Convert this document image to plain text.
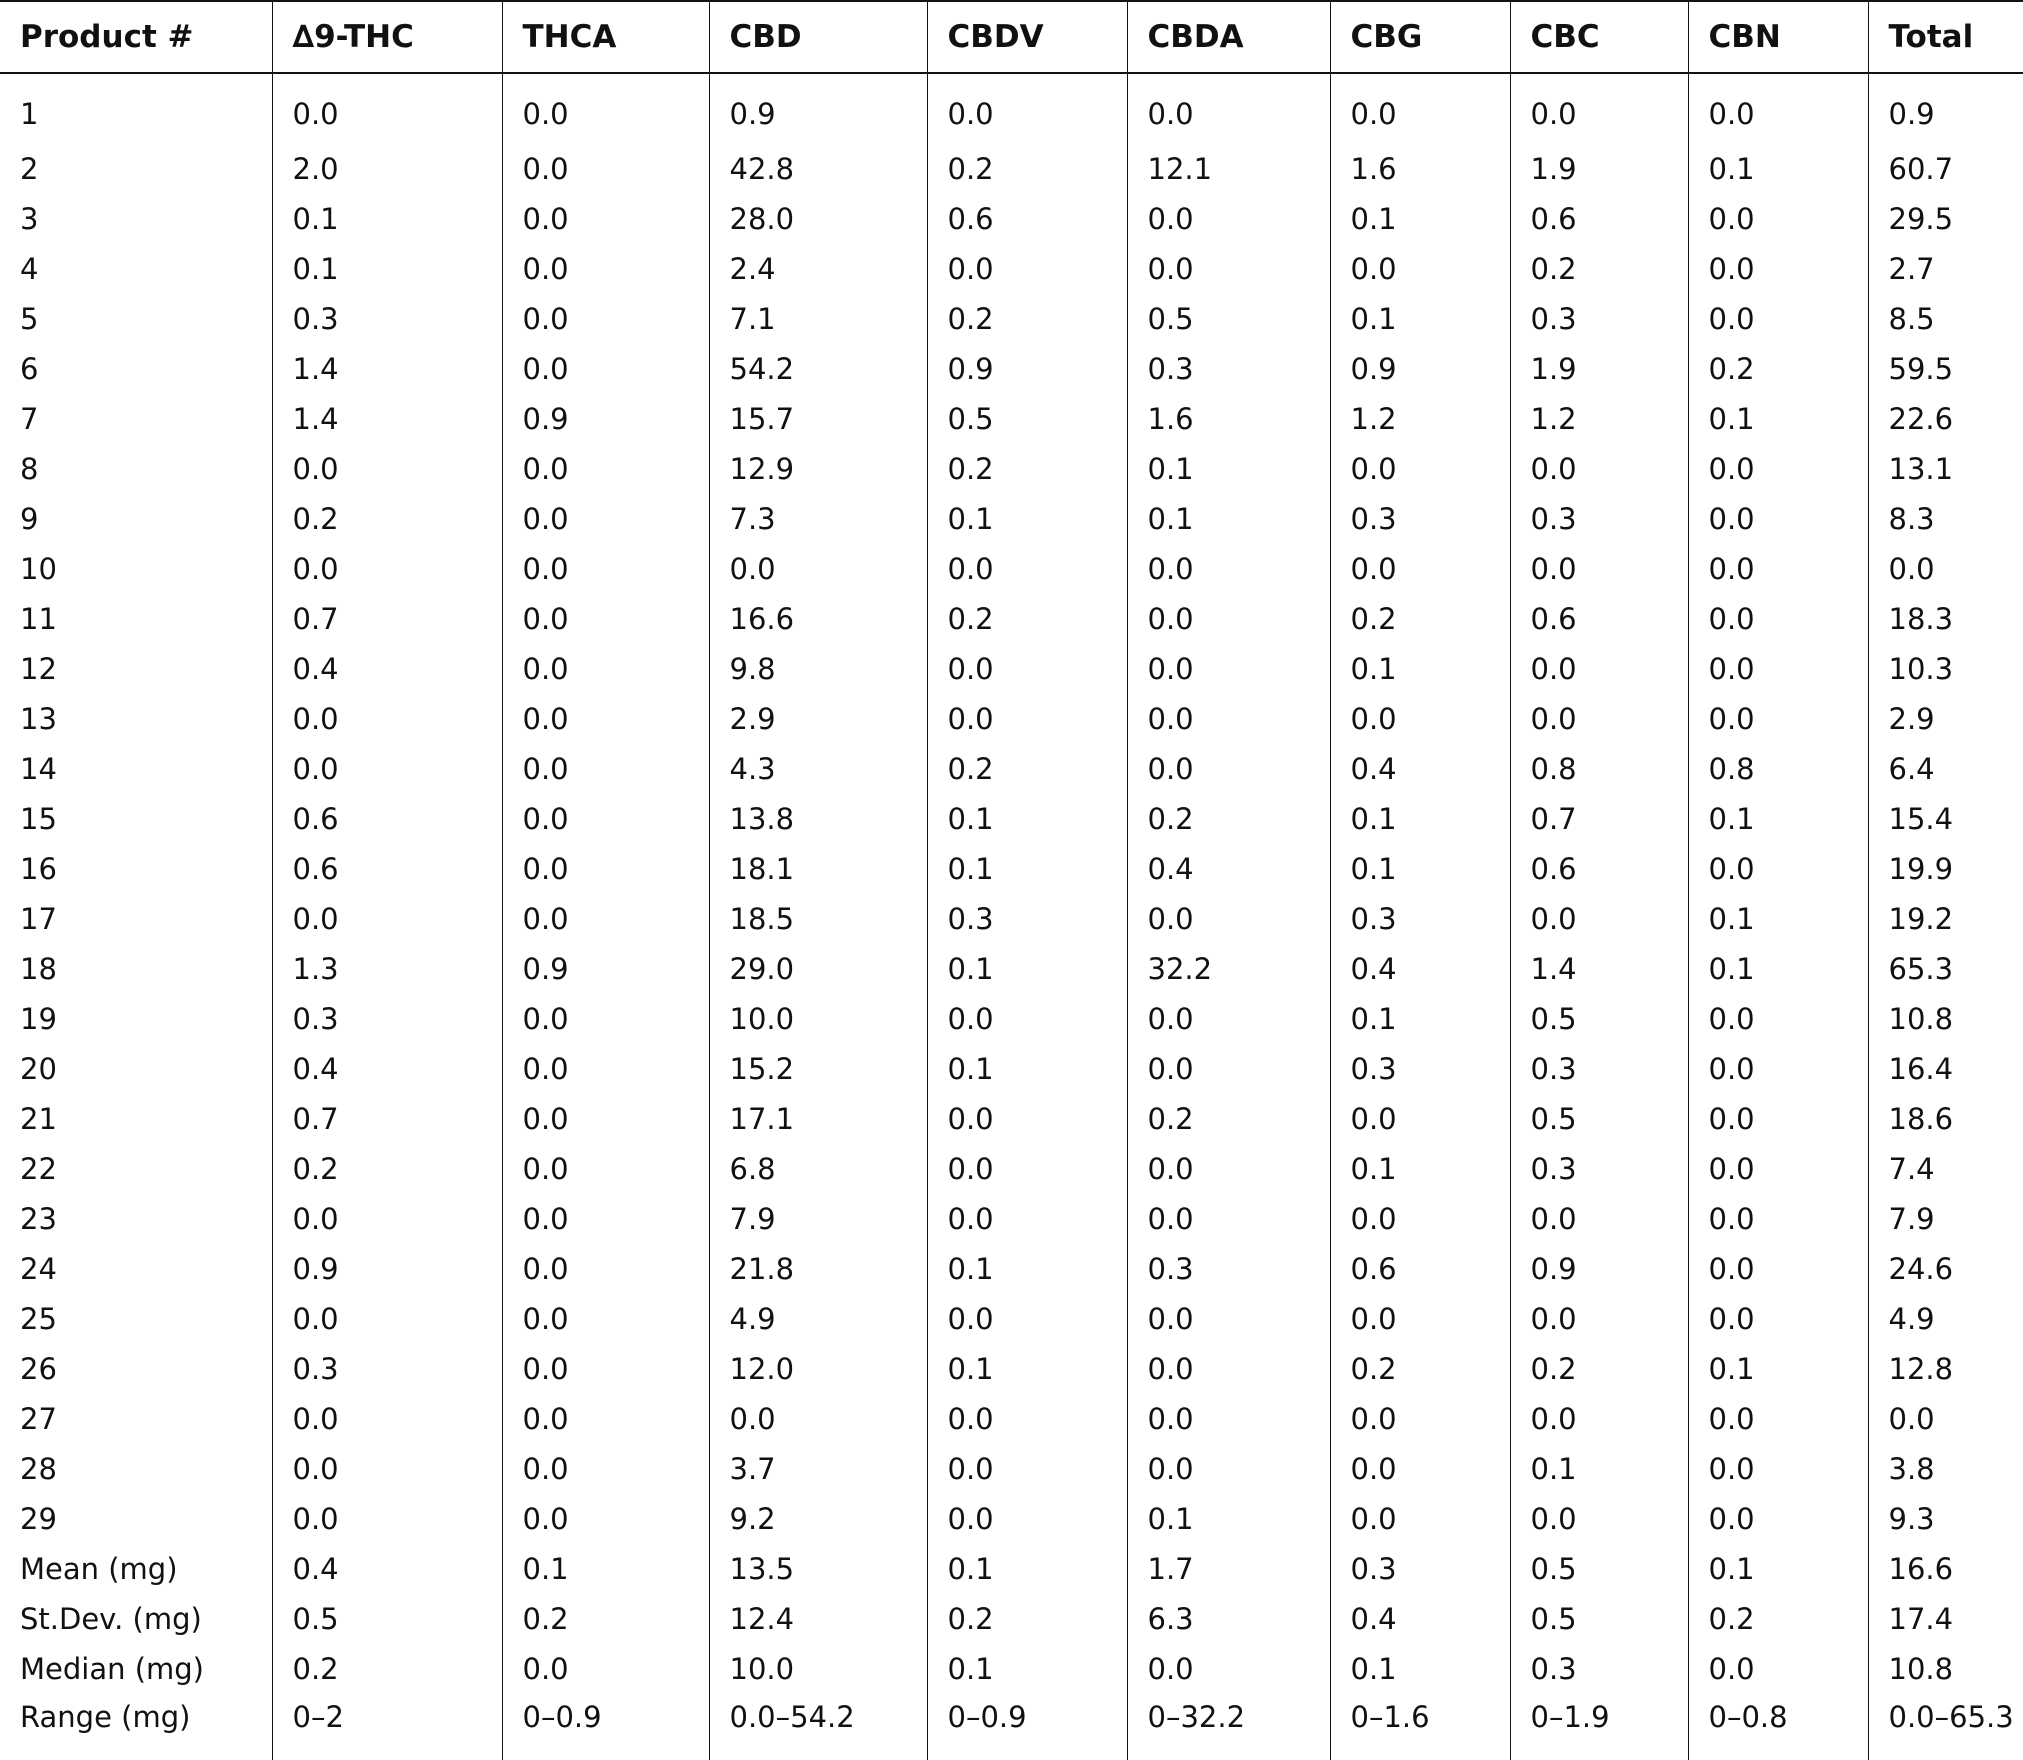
Product #	∆9-THC	THCA	CBD	CBDV	CBDA	CBG	CBC	CBN	Total
1	0.0	0.0	0.9	0.0	0.0	0.0	0.0	0.0	0.9
2	2.0	0.0	42.8	0.2	12.1	1.6	1.9	0.1	60.7
3	0.1	0.0	28.0	0.6	0.0	0.1	0.6	0.0	29.5
4	0.1	0.0	2.4	0.0	0.0	0.0	0.2	0.0	2.7
5	0.3	0.0	7.1	0.2	0.5	0.1	0.3	0.0	8.5
6	1.4	0.0	54.2	0.9	0.3	0.9	1.9	0.2	59.5
7	1.4	0.9	15.7	0.5	1.6	1.2	1.2	0.1	22.6
8	0.0	0.0	12.9	0.2	0.1	0.0	0.0	0.0	13.1
9	0.2	0.0	7.3	0.1	0.1	0.3	0.3	0.0	8.3
10	0.0	0.0	0.0	0.0	0.0	0.0	0.0	0.0	0.0
11	0.7	0.0	16.6	0.2	0.0	0.2	0.6	0.0	18.3
12	0.4	0.0	9.8	0.0	0.0	0.1	0.0	0.0	10.3
13	0.0	0.0	2.9	0.0	0.0	0.0	0.0	0.0	2.9
14	0.0	0.0	4.3	0.2	0.0	0.4	0.8	0.8	6.4
15	0.6	0.0	13.8	0.1	0.2	0.1	0.7	0.1	15.4
16	0.6	0.0	18.1	0.1	0.4	0.1	0.6	0.0	19.9
17	0.0	0.0	18.5	0.3	0.0	0.3	0.0	0.1	19.2
18	1.3	0.9	29.0	0.1	32.2	0.4	1.4	0.1	65.3
19	0.3	0.0	10.0	0.0	0.0	0.1	0.5	0.0	10.8
20	0.4	0.0	15.2	0.1	0.0	0.3	0.3	0.0	16.4
21	0.7	0.0	17.1	0.0	0.2	0.0	0.5	0.0	18.6
22	0.2	0.0	6.8	0.0	0.0	0.1	0.3	0.0	7.4
23	0.0	0.0	7.9	0.0	0.0	0.0	0.0	0.0	7.9
24	0.9	0.0	21.8	0.1	0.3	0.6	0.9	0.0	24.6
25	0.0	0.0	4.9	0.0	0.0	0.0	0.0	0.0	4.9
26	0.3	0.0	12.0	0.1	0.0	0.2	0.2	0.1	12.8
27	0.0	0.0	0.0	0.0	0.0	0.0	0.0	0.0	0.0
28	0.0	0.0	3.7	0.0	0.0	0.0	0.1	0.0	3.8
29	0.0	0.0	9.2	0.0	0.1	0.0	0.0	0.0	9.3
Mean (mg)	0.4	0.1	13.5	0.1	1.7	0.3	0.5	0.1	16.6
St.Dev. (mg)	0.5	0.2	12.4	0.2	6.3	0.4	0.5	0.2	17.4
Median (mg)	0.2	0.0	10.0	0.1	0.0	0.1	0.3	0.0	10.8
Range (mg)	0–2	0–0.9	0.0–54.2	0–0.9	0–32.2	0–1.6	0–1.9	0–0.8	0.0–65.3
